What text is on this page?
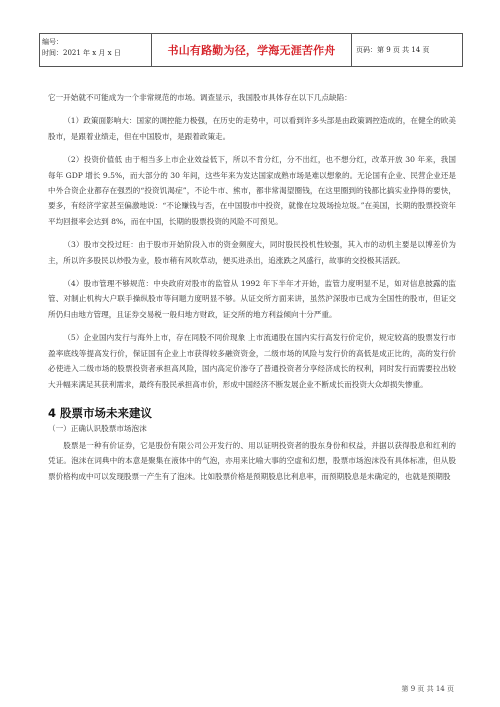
编号：
时间：2021 年 x 月 x 日	书山有路勤为径，学海无涯苦作舟	页码：第 9 页 共 14 页

它一开始就不可能成为一个非常规范的市场。调查显示，我国股市具体存在以下几点缺陷：

（1）政策面影响大：国家的调控能力极强，在历史的走势中，可以看到许多头部是由政策调控造成的，在健全的欧美股市，是跟着业绩走，但在中国股市，是跟着政策走。

（2）投资价值低 由于相当多上市企业效益低下，所以不肯分红，分不出红，也不想分红，改革开放 30 年来，我国每年 GDP 增长 9.5%，而大部分的 30 年间，这些年来为发达国家成熟市场是难以想象的。无论国有企业、民营企业还是中外合资企业都存在强烈的“投资饥渴症”，不论牛市、熊市，都非常渴望圈钱，在这里圈到的钱都比搞实业挣得的要快，要多，有经济学家甚至偏激地说：“不论赚钱与否，在中国股市中投资，就像在垃圾场捡垃圾。”在美国，长期的股票投资年平均回报率会达到 8%，而在中国，长期的股票投资的风险不可预见。

（3）股市交投过旺：由于股市开始阶段入市的资金频度大，同时股民投机性较强，其入市的动机主要是以博差价为主，所以许多股民以炒股为业，股市稍有风吹草动，便买进杀出，追涨跌之风盛行，故事的交投极其活跃。

（4）股市管理不够规范：中央政府对股市的监管从 1992 年下半年才开始，监管力度明显不足，如对信息披露的监管、对制止机构大户联手操纵股市等问题力度明显不够。从证交所方面来讲，虽然沪深股市已成为全国性的股市，但证交所仍归由地方管理，且证券交易税一般归地方财政，证交所的地方利益倾向十分严重。

（5）企业国内发行与海外上市，存在同股不同价现象 上市流通股在国内实行高发行价定价，规定较高的股票发行市盈率底线等提高发行价，保证国有企业上市获得较多融资资金，二级市场的风险与发行价的高低是成正比的，高的发行价必使进入二级市场的股票投资者承担高风险，国内高定价渗夺了普通投资者分享经济成长的权利，同时发行而需要拉出较大升幅来满足其获利需求，最终有股民承担高市价，形成中国经济不断发展企业不断成长而投资大众却损失惨重。

4 股票市场未来建议
（一）正确认识股票市场泡沫

股票是一种有价证券，它是股份有限公司公开发行的、用以证明投资者的股东身份和权益，并据以获得股息和红利的凭证。泡沫在词典中的本意是聚集在液体中的气泡，亦用来比喻大事的空虚和幻想，股票市场泡沫没有具体标准，但从股票价格构成中可以发现股票一产生有了泡沫。比如股票价格是预期股息比利息率，而预期股息是未确定的，也就是预期股

第 9 页 共 14 页
